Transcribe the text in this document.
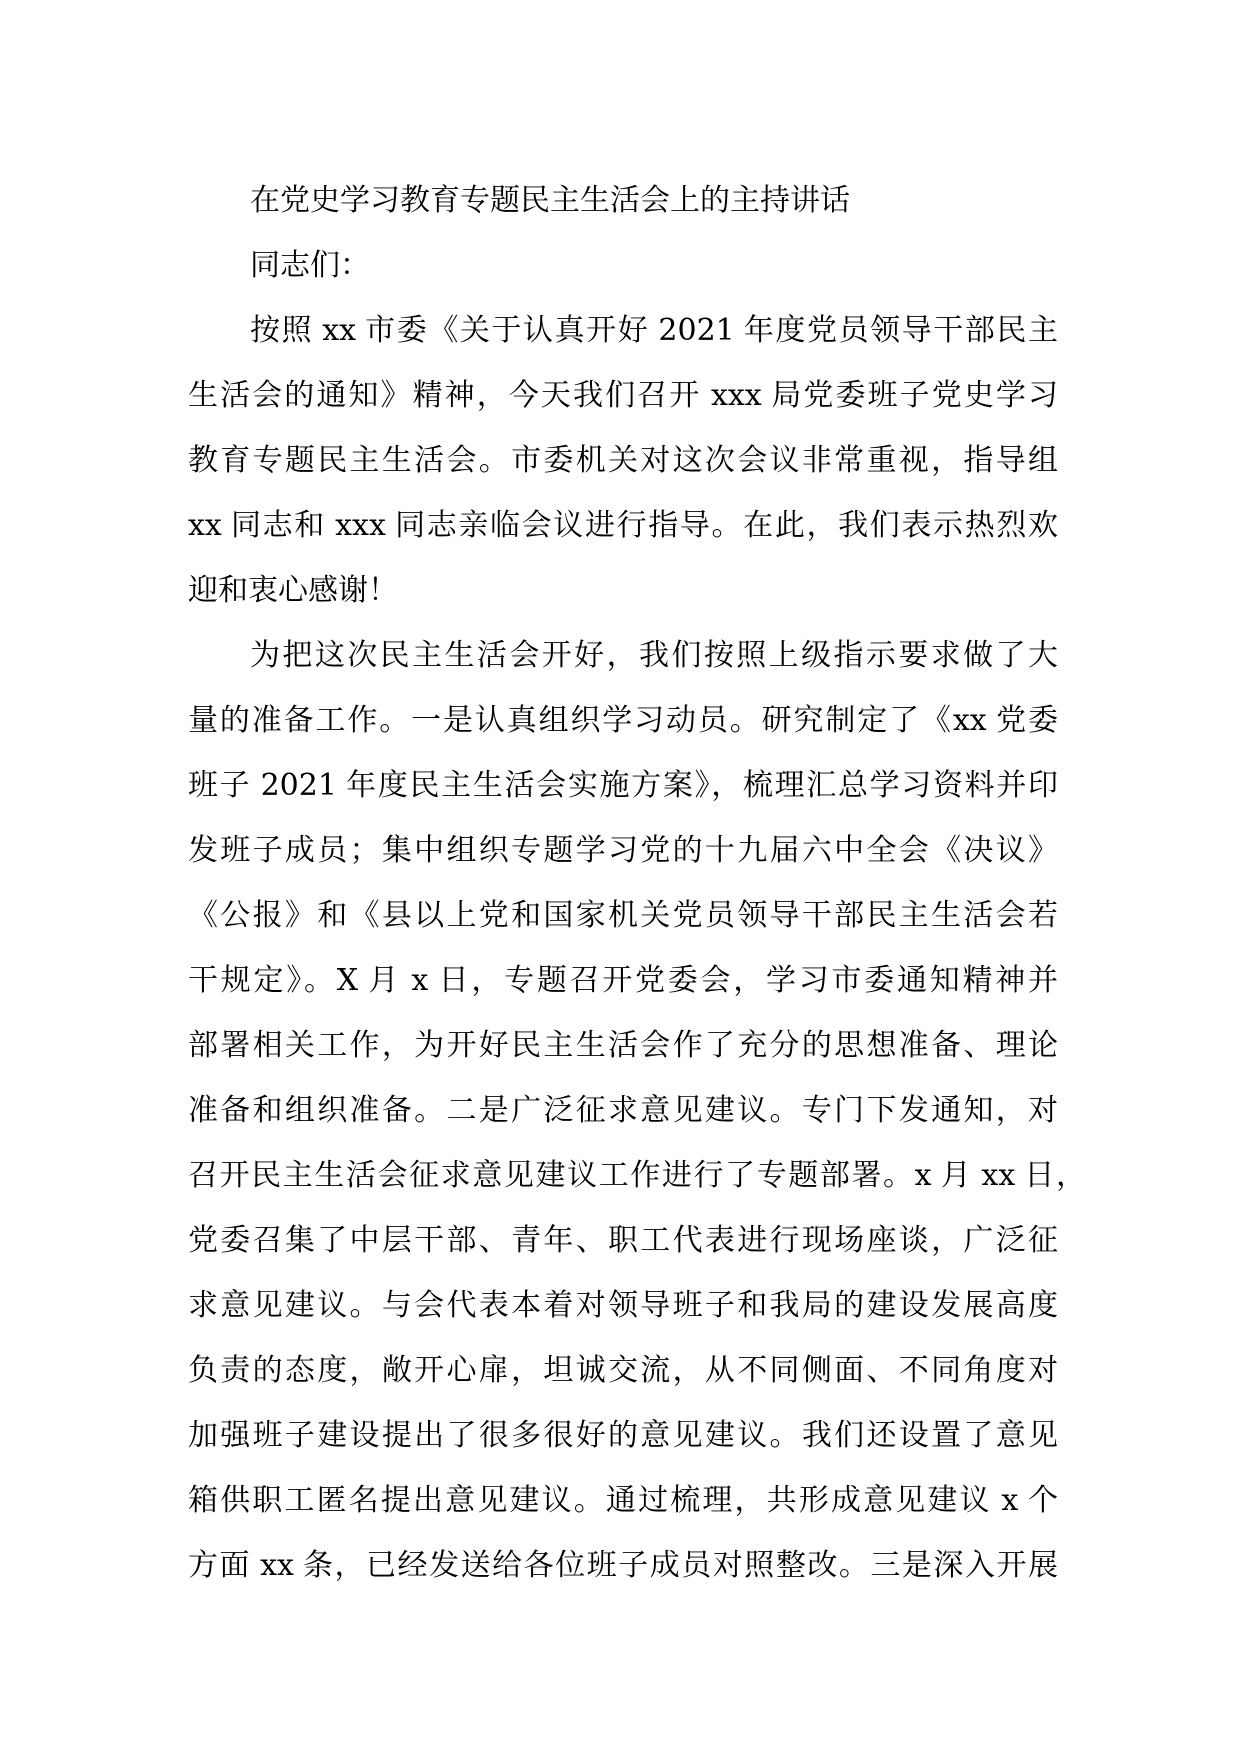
在党史学习教育专题民主生活会上的主持讲话
同志们：
按照 xx 市委《关于认真开好 2021 年度党员领导干部民主
生活会的通知》精神，今天我们召开 xxx 局党委班子党史学习
教育专题民主生活会。市委机关对这次会议非常重视，指导组
xx 同志和 xxx 同志亲临会议进行指导。在此，我们表示热烈欢
迎和衷心感谢！
为把这次民主生活会开好，我们按照上级指示要求做了大
量的准备工作。一是认真组织学习动员。研究制定了《xx 党委
班子 2021 年度民主生活会实施方案》，梳理汇总学习资料并印
发班子成员；集中组织专题学习党的十九届六中全会《决议》
《公报》和《县以上党和国家机关党员领导干部民主生活会若
干规定》。X 月 x 日，专题召开党委会，学习市委通知精神并
部署相关工作，为开好民主生活会作了充分的思想准备、理论
准备和组织准备。二是广泛征求意见建议。专门下发通知，对
召开民主生活会征求意见建议工作进行了专题部署。x 月 xx 日，
党委召集了中层干部、青年、职工代表进行现场座谈，广泛征
求意见建议。与会代表本着对领导班子和我局的建设发展高度
负责的态度，敞开心扉，坦诚交流，从不同侧面、不同角度对
加强班子建设提出了很多很好的意见建议。我们还设置了意见
箱供职工匿名提出意见建议。通过梳理，共形成意见建议 x 个
方面 xx 条，已经发送给各位班子成员对照整改。三是深入开展
